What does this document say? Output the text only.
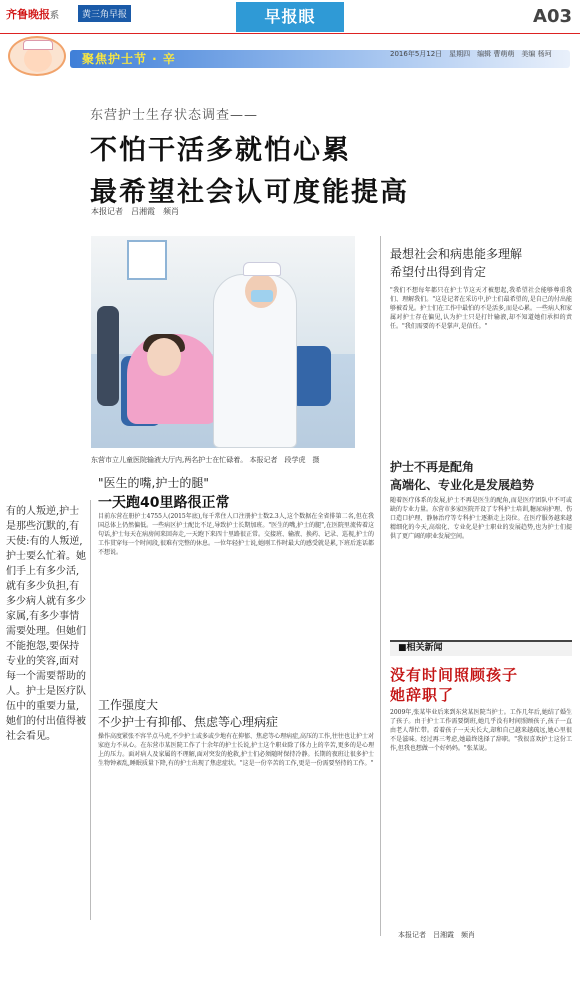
齐鲁晚报系	黄三角早报	早报眼	A03
聚焦护士节 · 辛	2016年5月12日　星期四　编辑 曹萌萌　美编 杨珂
东营护士生存状态调查——
不怕干活多就怕心累
最希望社会认可度能提高
本报记者　吕湘霞　频肖
东营市立儿童医院输液大厅内,两名护士在忙碌着。 本报记者　段学虎　摄

有的人叛逆,护士是那些沉默的,有天使:有的人叛逆,护士要么忙着。她们手上有多少活,就有多少负担,有多少病人就有多少家属,有多少事情需要处理。但她们不能抱怨,要保持专业的笑容,面对每一个需要帮助的人。护士是医疗队伍中的重要力量,她们的付出值得被社会看见。

"医生的嘴,护士的腿"
一天跑40里路很正常
目前东营在册护士4755人(2015年底),每千常住人口注册护士数2.3人,这个数据在全省排第二名,但在我国总体上仍然偏低。一些病区护士配比不足,导致护士长期加班。"医生的嘴,护士的腿",在医院里流传着这句话,护士每天在病房间来回奔走,一天跑下来四十里路很正常。交接班、输液、换药、记录、巡视,护士的工作贯穿每一个时间段,很难有完整的休息。一位年轻护士说,她刚工作时最大的感受就是累,下班后连话都不想说。
工作强度大
不少护士有抑郁、焦虑等心理病症
操作高度紧张不容半点马虎,不少护士或多或少地有在抑郁、焦虑等心理病症,高压的工作,往往也让护士对家庭力不从心。在东营市某医院工作了十余年的护士长说,护士这个职业除了体力上的辛苦,更多的是心理上的压力。面对病人及家属的不理解,面对突发的抢救,护士们必须随时保持冷静。长期的夜班让很多护士生物钟紊乱,睡眠质量下降,有的护士出现了焦虑症状。"这是一份辛苦的工作,更是一份需要坚持的工作。"
最想社会和病患能多理解
希望付出得到肯定
"我们不想每年都只在护士节这天才被想起,我希望社会能够尊重我们、理解我们。"这是记者在采访中,护士们最希望的,是自己的付出能够被看见。护士们在工作中最怕的不是活多,而是心累。一些病人和家属对护士存在偏见,认为护士只是打针输液,却不知道她们承担的责任。"我们需要的不是掌声,是信任。"
护士不再是配角
高端化、专业化是发展趋势
随着医疗体系的发展,护士不再是医生的配角,而是医疗团队中不可或缺的专业力量。东营市多家医院开设了专科护士培训,糖尿病护理、伤口造口护理、静脉治疗等专科护士逐渐走上岗位。在医疗服务越来越精细化的今天,高端化、专业化是护士职业的发展趋势,也为护士们提供了更广阔的职业发展空间。
■相关新闻
没有时间照顾孩子
她辞职了
2009年,张某毕业后来到东营某医院当护士。工作几年后,她结了婚生了孩子。由于护士工作需要倒班,她几乎没有时间照顾孩子,孩子一直由老人帮忙带。看着孩子一天天长大,却和自己越来越疏远,她心里很不是滋味。经过再三考虑,她最终选择了辞职。"我很喜欢护士这份工作,但我也想做一个好妈妈。"张某说。
本报记者　吕湘霞　频肖
